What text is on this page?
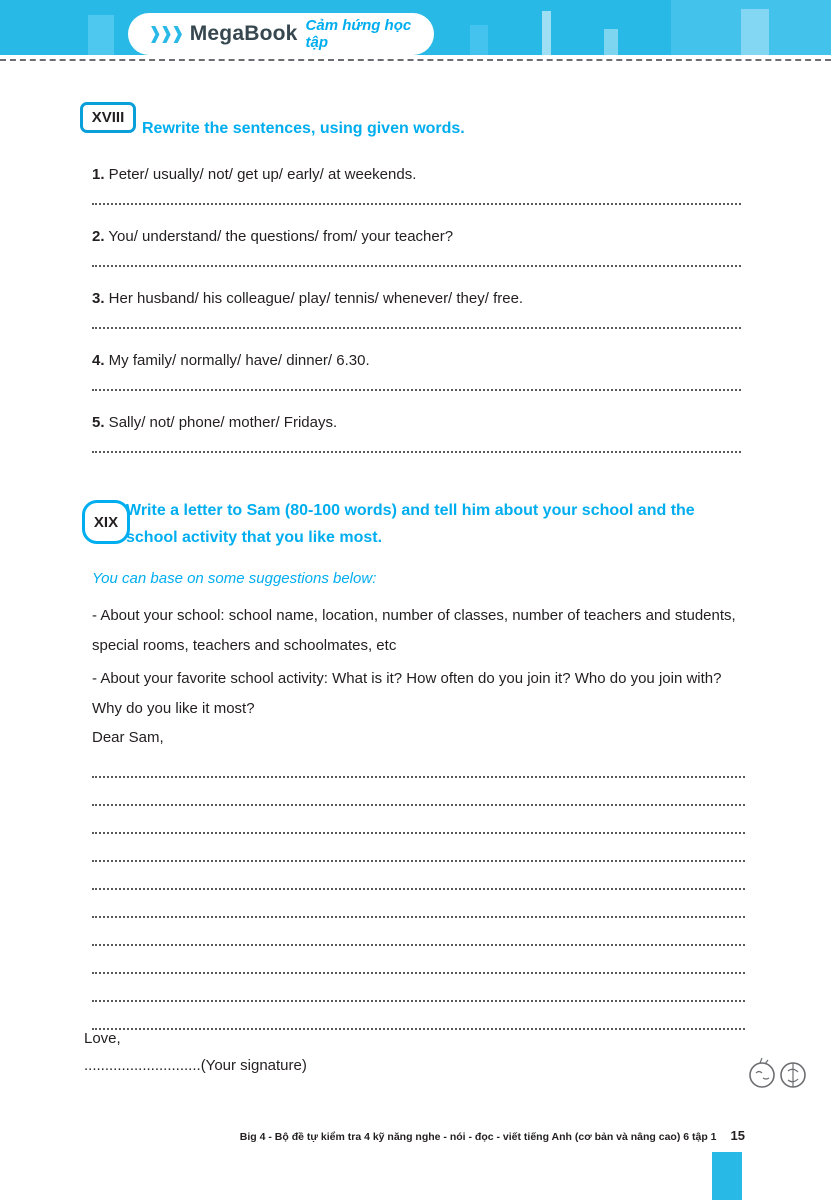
❱❱❱ MegaBook Cảm hứng học tập
XVIII
Rewrite the sentences, using given words.
1. Peter/ usually/ not/ get up/ early/ at weekends.
2. You/ understand/ the questions/ from/ your teacher?
3. Her husband/ his colleague/ play/ tennis/ whenever/ they/ free.
4. My family/ normally/ have/ dinner/ 6.30.
5. Sally/ not/ phone/ mother/ Fridays.
XIX
Write a letter to Sam (80-100 words) and tell him about your school and the school activity that you like most.
You can base on some suggestions below:
- About your school: school name, location, number of classes, number of teachers and students, special rooms, teachers and schoolmates, etc
- About your favorite school activity: What is it? How often do you join it? Who do you join with? Why do you like it most?
Dear Sam,
Love,
............................(Your signature)
Big 4 - Bộ đề tự kiểm tra 4 kỹ năng nghe - nói - đọc - viết tiếng Anh (cơ bản và nâng cao) 6 tập 1 15
